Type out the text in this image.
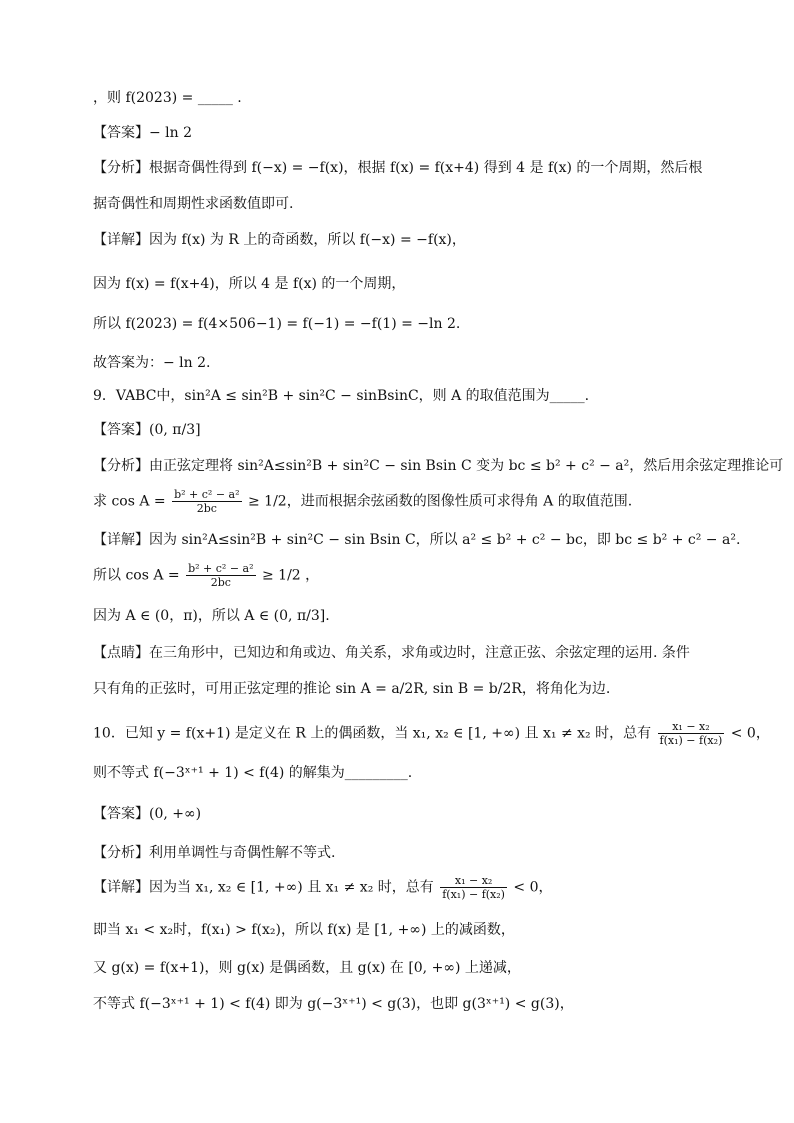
，则 f(2023) = _____ .
【答案】− ln 2
【分析】根据奇偶性得到 f(−x) = −f(x)，根据 f(x) = f(x+4) 得到 4 是 f(x) 的一个周期，然后根
据奇偶性和周期性求函数值即可.
【详解】因为 f(x) 为 R 上的奇函数，所以 f(−x) = −f(x)，
因为 f(x) = f(x+4)，所以 4 是 f(x) 的一个周期，
所以 f(2023) = f(4×506−1) = f(−1) = −f(1) = −ln 2.
故答案为：− ln 2.
9．VABC中，sin²A ≤ sin²B + sin²C − sinBsinC，则 A 的取值范围为_____.
【答案】(0, π/3]
【分析】由正弦定理将 sin²A≤sin²B + sin²C − sin Bsin C 变为 bc ≤ b² + c² − a²，然后用余弦定理推论可
求 $\cos A = \frac{\text{b² + c² − a²}}{2bc} \ge 1/2$，进而根据余弦函数的图像性质可求得角 A 的取值范围.
【详解】因为 sin²A≤sin²B + sin²C − sin Bsin C，所以 a² ≤ b² + c² − bc，即 bc ≤ b² + c² − a².
所以 $\cos A = \frac{\text{b² + c² − a²}}{2bc} \ge 1/2$ ，
因为 A ∈ (0，π)，所以 A ∈ (0, π/3].
【点睛】在三角形中，已知边和角或边、角关系，求角或边时，注意正弦、余弦定理的运用. 条件
只有角的正弦时，可用正弦定理的推论 sin A = a/2R, sin B = b/2R，将角化为边.
10．已知 y = f(x+1) 是定义在 R 上的偶函数，当 x₁, x₂ ∈ [1, +∞) 且 x₁ ≠ x₂ 时，总有 $\frac{\text{x₁ − x₂}}{\text{f(x₁) − f(x₂)}} < 0$，
则不等式 f(−3ˣ⁺¹ + 1) < f(4) 的解集为_________.
【答案】(0, +∞)
【分析】利用单调性与奇偶性解不等式.
【详解】因为当 x₁, x₂ ∈ [1, +∞) 且 x₁ ≠ x₂ 时，总有 $\frac{\text{x₁ − x₂}}{\text{f(x₁) − f(x₂)}} < 0$，
即当 x₁ < x₂时，f(x₁) > f(x₂)，所以 f(x) 是 [1, +∞) 上的减函数，
又 g(x) = f(x+1)，则 g(x) 是偶函数，且 g(x) 在 [0, +∞) 上递减，
不等式 f(−3ˣ⁺¹ + 1) < f(4) 即为 g(−3ˣ⁺¹) < g(3)，也即 g(3ˣ⁺¹) < g(3)，
